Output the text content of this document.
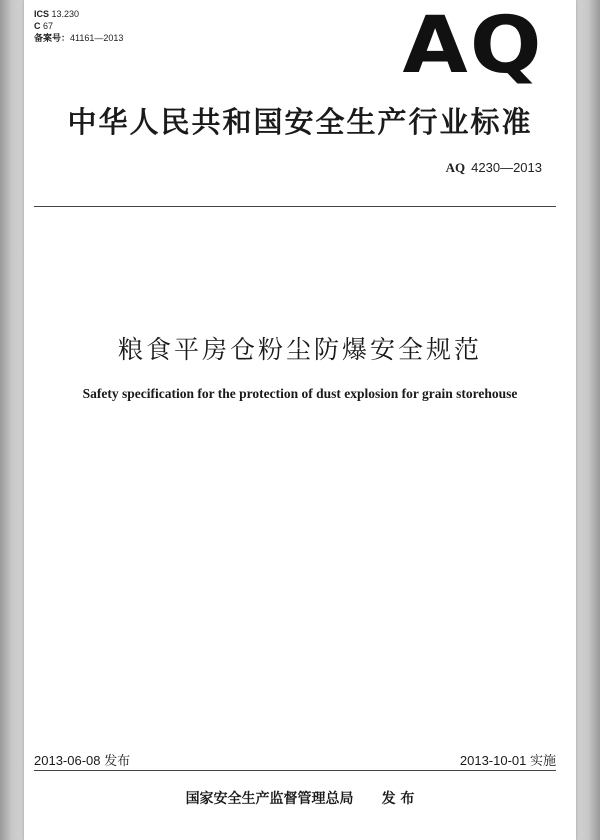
ICS 13.230
C 67
备案号：41161—2013	AQ
中华人民共和国安全生产行业标准
AQ 4230—2013
粮食平房仓粉尘防爆安全规范
Safety specification for the protection of dust explosion for grain storehouse
2013-06-08 发布	2013-10-01 实施
国家安全生产监督管理总局 发 布
